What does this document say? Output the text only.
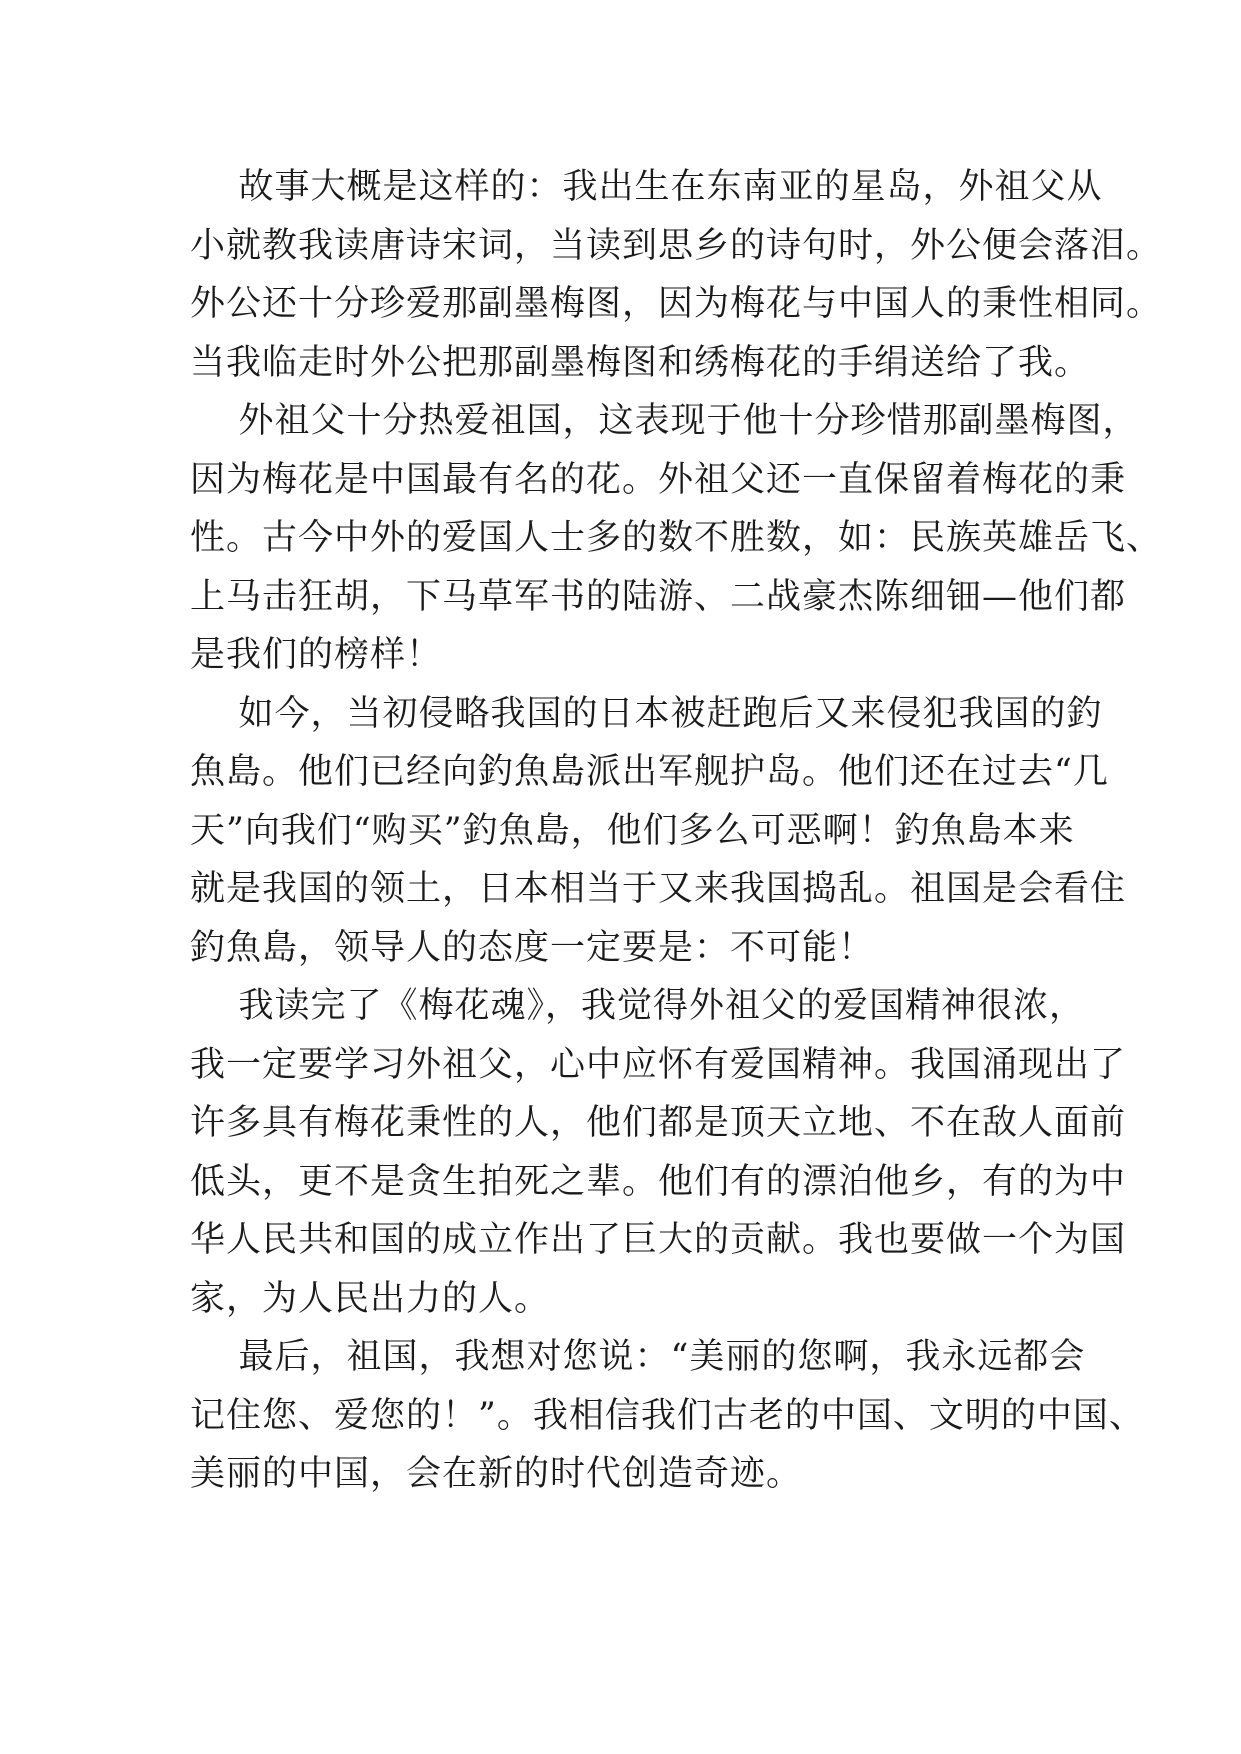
故事大概是这样的：我出生在东南亚的星岛，外祖父从
小就教我读唐诗宋词，当读到思乡的诗句时，外公便会落泪。
外公还十分珍爱那副墨梅图，因为梅花与中国人的秉性相同。
当我临走时外公把那副墨梅图和绣梅花的手绢送给了我。
外祖父十分热爱祖国，这表现于他十分珍惜那副墨梅图，
因为梅花是中国最有名的花。外祖父还一直保留着梅花的秉
性。古今中外的爱国人士多的数不胜数，如：民族英雄岳飞、
上马击狂胡，下马草军书的陆游、二战豪杰陈细钿—他们都
是我们的榜样！
如今，当初侵略我国的日本被赶跑后又来侵犯我国的釣
魚島。他们已经向釣魚島派出军舰护岛。他们还在过去“几
天”向我们“购买”釣魚島，他们多么可恶啊！釣魚島本来
就是我国的领土，日本相当于又来我国捣乱。祖国是会看住
釣魚島，领导人的态度一定要是：不可能！
我读完了《梅花魂》，我觉得外祖父的爱国精神很浓，
我一定要学习外祖父，心中应怀有爱国精神。我国涌现出了
许多具有梅花秉性的人，他们都是顶天立地、不在敌人面前
低头，更不是贪生拍死之辈。他们有的漂泊他乡，有的为中
华人民共和国的成立作出了巨大的贡献。我也要做一个为国
家，为人民出力的人。
最后，祖国，我想对您说：“美丽的您啊，我永远都会
记住您、爱您的！”。我相信我们古老的中国、文明的中国、
美丽的中国，会在新的时代创造奇迹。
